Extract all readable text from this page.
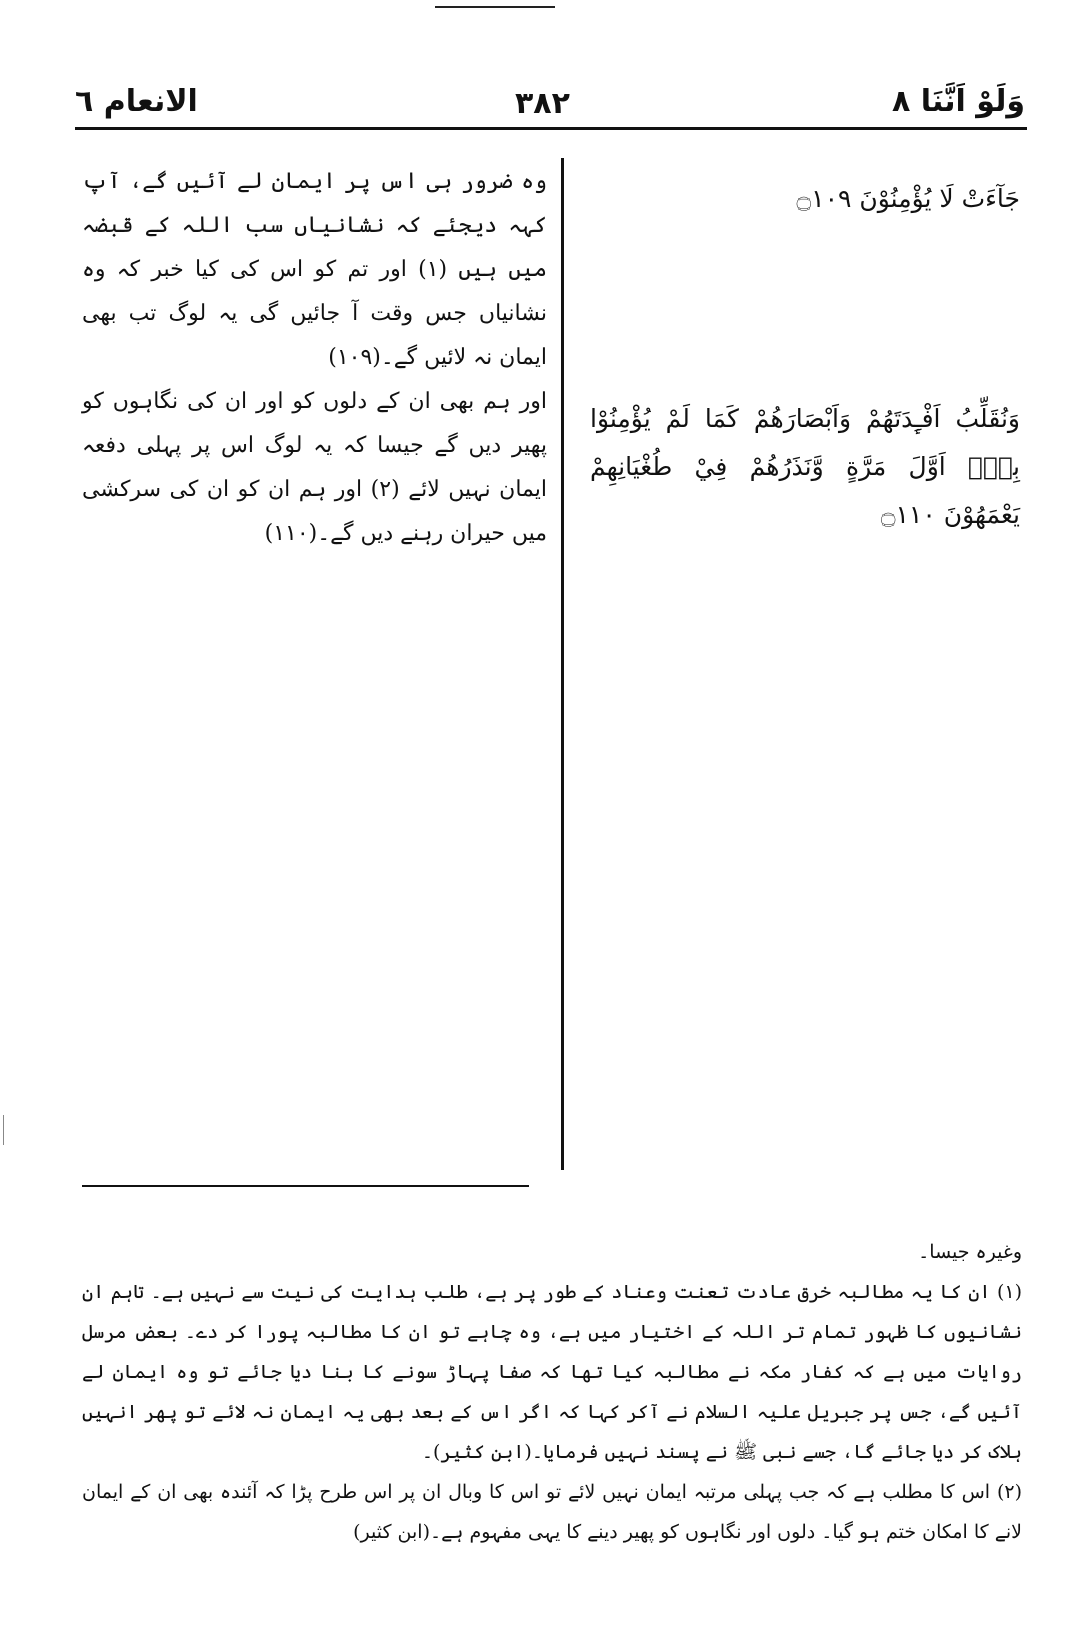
الانعام ٦	۳۸۲	وَلَوْ اَنَّنَا ٨

وہ ضرور ہی اس پر ایمان لے آئیں گے، آپ کہہ دیجئے کہ نشانیاں سب اللہ کے قبضہ میں ہیں (۱) اور تم کو اس کی کیا خبر کہ وہ نشانیاں جس وقت آ جائیں گی یہ لوگ تب بھی ایمان نہ لائیں گے۔(۱۰۹)

اور ہم بھی ان کے دلوں کو اور ان کی نگاہوں کو پھیر دیں گے جیسا کہ یہ لوگ اس پر پہلی دفعہ ایمان نہیں لائے (۲) اور ہم ان کو ان کی سرکشی میں حیران رہنے دیں گے۔(۱۱۰)

جَآءَتْ لَا يُؤْمِنُوْنَ ۝١٠٩
وَنُقَلِّبُ اَفْـِٕدَتَهُمْ وَاَبْصَارَهُمْ كَمَا لَمْ يُؤْمِنُوْا بِهٖٓ اَوَّلَ مَرَّةٍ وَّنَذَرُهُمْ فِيْ طُغْيَانِهِمْ يَعْمَهُوْنَ ۝١١٠

وغیرہ جیسا۔

(۱) ان کا یہ مطالبہ خرق عادت تعنت وعناد کے طور پر ہے، طلب ہدایت کی نیت سے نہیں ہے۔ تاہم ان نشانیوں کا ظہور تمام تر اللہ کے اختیار میں ہے، وہ چاہے تو ان کا مطالبہ پورا کر دے۔ بعض مرسل روایات میں ہے کہ کفار مکہ نے مطالبہ کیا تھا کہ صفا پہاڑ سونے کا بنا دیا جائے تو وہ ایمان لے آئیں گے، جس پر جبریل علیہ السلام نے آکر کہا کہ اگر اس کے بعد بھی یہ ایمان نہ لائے تو پھر انہیں ہلاک کر دیا جائے گا، جسے نبی ﷺ نے پسند نہیں فرمایا۔(ابن کثیر)۔

(۲) اس کا مطلب ہے کہ جب پہلی مرتبہ ایمان نہیں لائے تو اس کا وبال ان پر اس طرح پڑا کہ آئندہ بھی ان کے ایمان لانے کا امکان ختم ہو گیا۔ دلوں اور نگاہوں کو پھیر دینے کا یہی مفہوم ہے۔(ابن کثیر)
